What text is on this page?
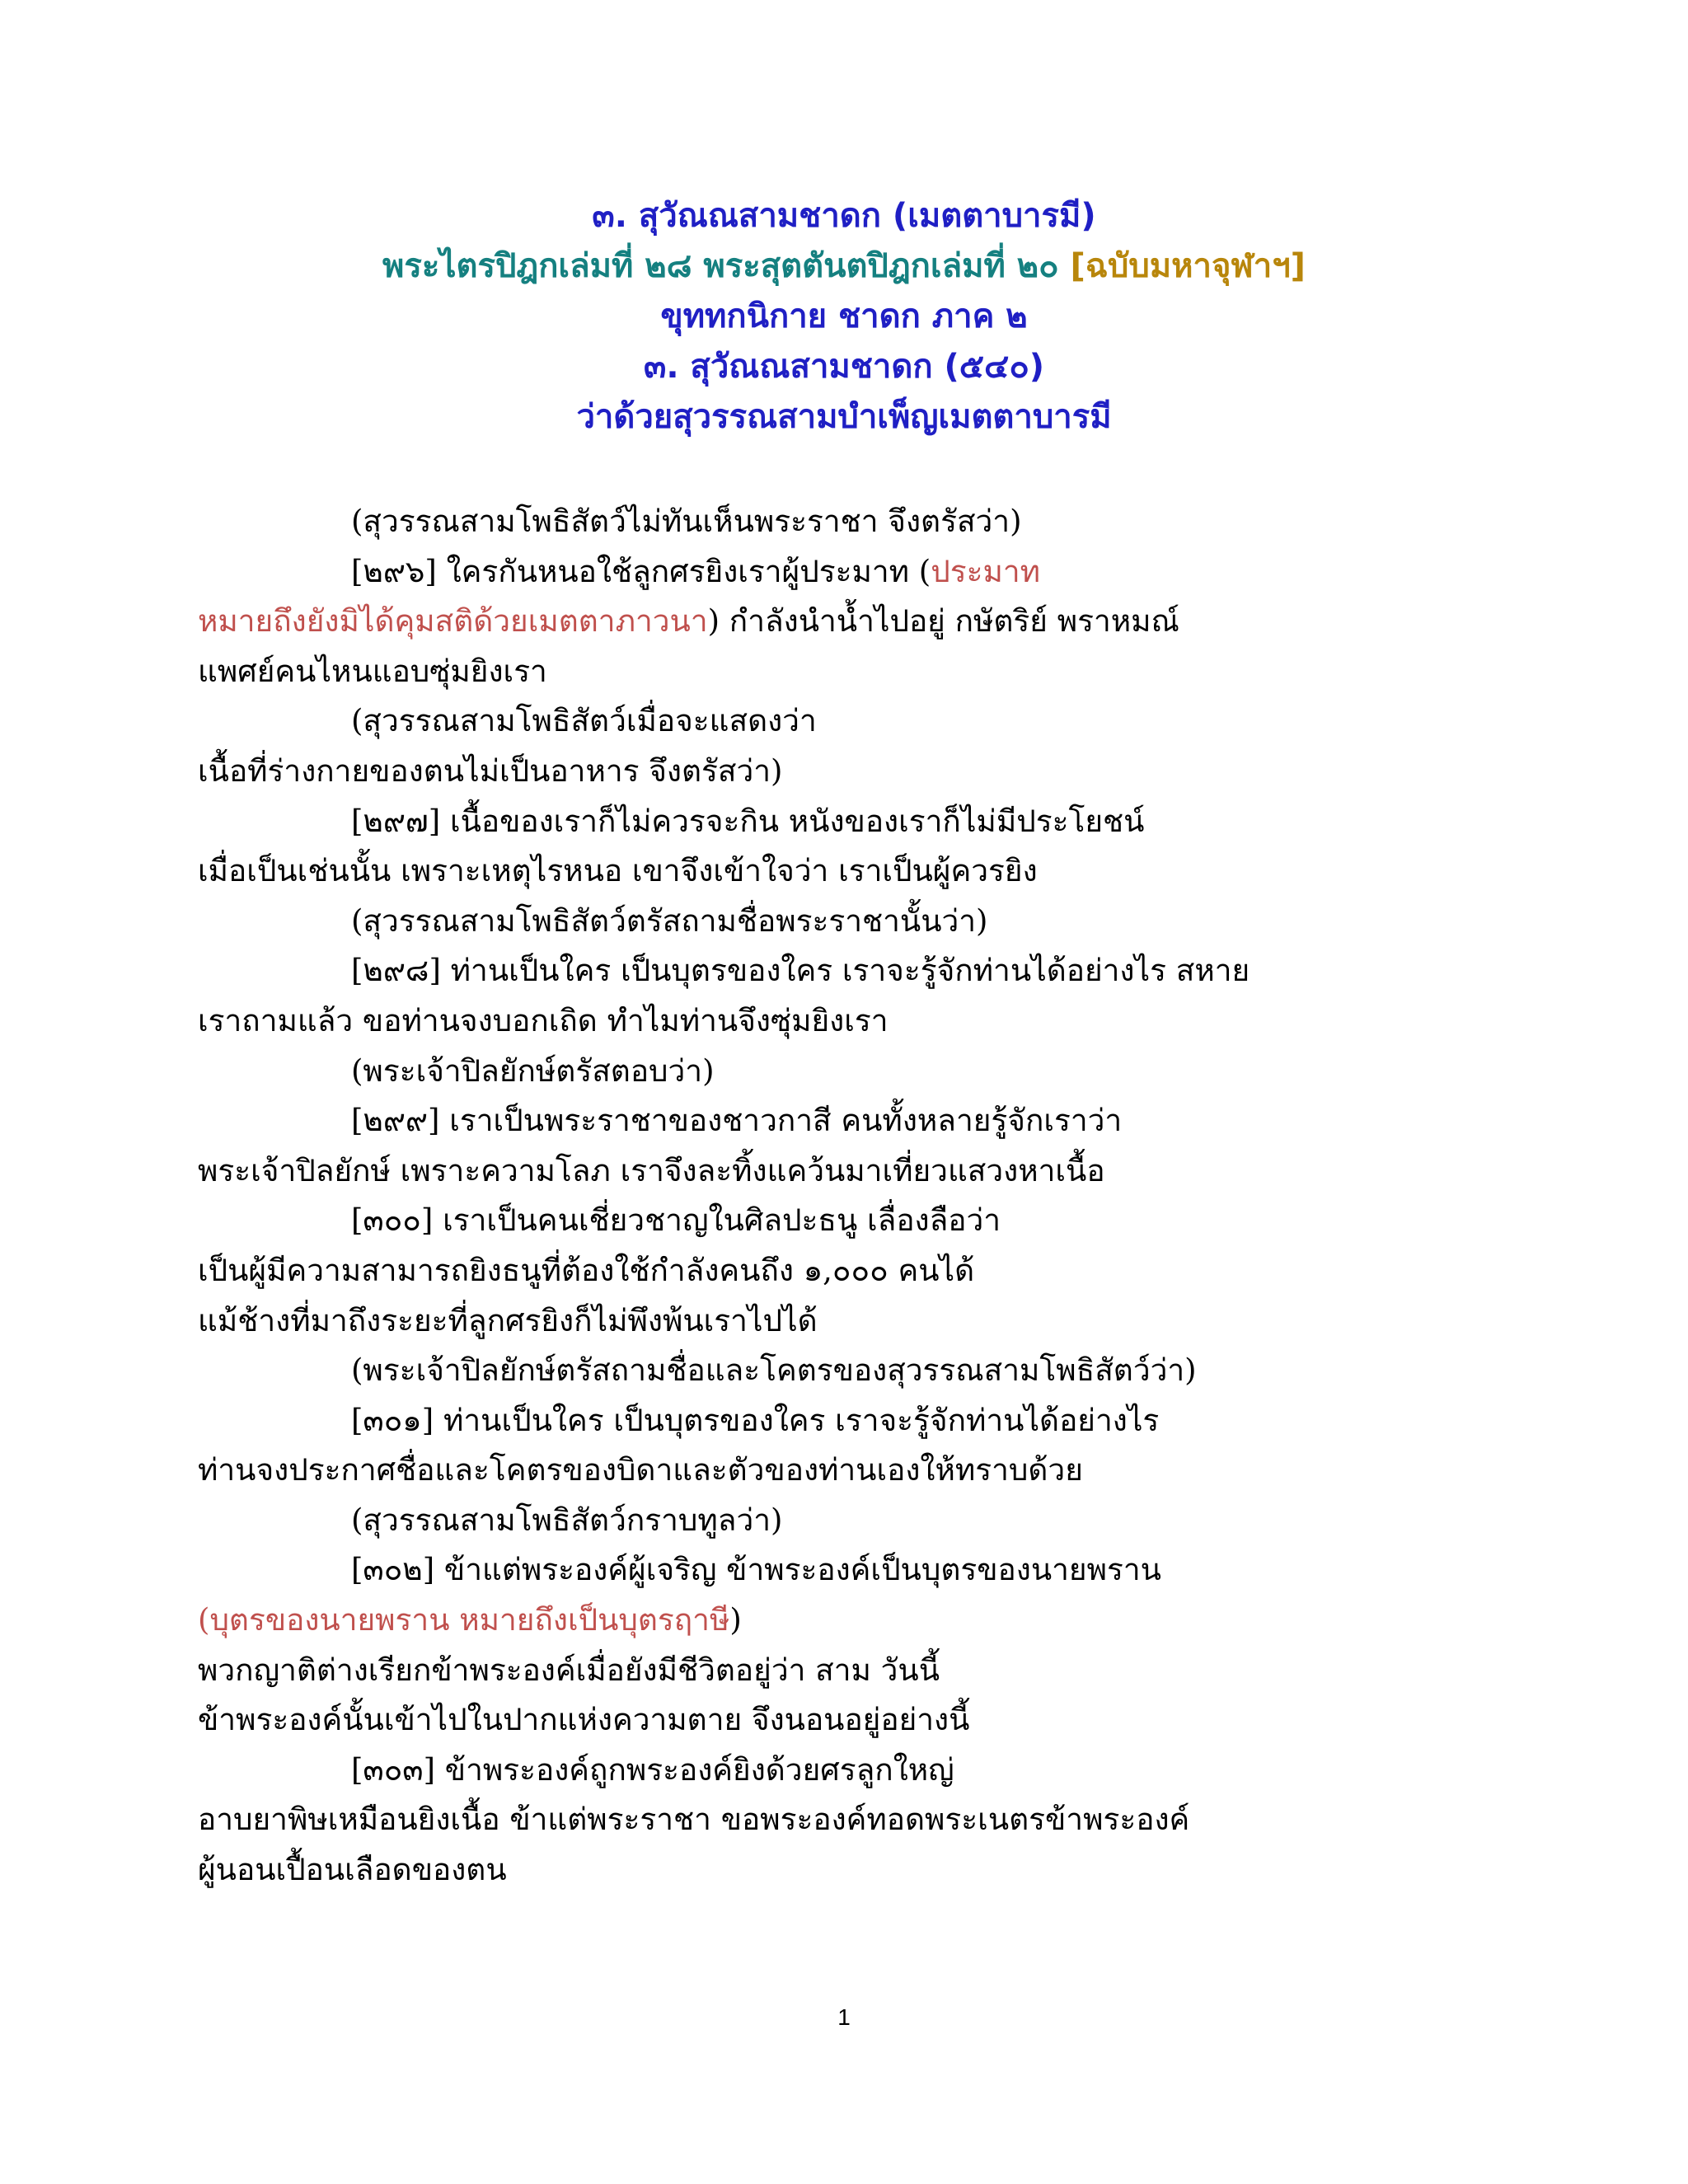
๓. สุวัณณสามชาดก (เมตตาบารมี)
พระไตรปิฎกเล่มที่ ๒๘ พระสุตตันตปิฎกเล่มที่ ๒๐ [ฉบับมหาจุฬาฯ]
ขุททกนิกาย ชาดก ภาค ๒
๓. สุวัณณสามชาดก (๕๔๐)
ว่าด้วยสุวรรณสามบำเพ็ญเมตตาบารมี
(สุวรรณสามโพธิสัตว์ไม่ทันเห็นพระราชา จึงตรัสว่า)
[๒๙๖] ใครกันหนอใช้ลูกศรยิงเราผู้ประมาท (ประมาท
หมายถึงยังมิได้คุมสติด้วยเมตตาภาวนา) กำลังนำน้ำไปอยู่ กษัตริย์ พราหมณ์
แพศย์คนไหนแอบซุ่มยิงเรา
(สุวรรณสามโพธิสัตว์เมื่อจะแสดงว่า
เนื้อที่ร่างกายของตนไม่เป็นอาหาร จึงตรัสว่า)
[๒๙๗] เนื้อของเราก็ไม่ควรจะกิน หนังของเราก็ไม่มีประโยชน์
เมื่อเป็นเช่นนั้น เพราะเหตุไรหนอ เขาจึงเข้าใจว่า เราเป็นผู้ควรยิง
(สุวรรณสามโพธิสัตว์ตรัสถามชื่อพระราชานั้นว่า)
[๒๙๘] ท่านเป็นใคร เป็นบุตรของใคร เราจะรู้จักท่านได้อย่างไร สหาย
เราถามแล้ว ขอท่านจงบอกเถิด ทำไมท่านจึงซุ่มยิงเรา
(พระเจ้าปิลยักษ์ตรัสตอบว่า)
[๒๙๙] เราเป็นพระราชาของชาวกาสี คนทั้งหลายรู้จักเราว่า
พระเจ้าปิลยักษ์ เพราะความโลภ เราจึงละทิ้งแคว้นมาเที่ยวแสวงหาเนื้อ
[๓๐๐] เราเป็นคนเชี่ยวชาญในศิลปะธนู เลื่องลือว่า
เป็นผู้มีความสามารถยิงธนูที่ต้องใช้กำลังคนถึง ๑,๐๐๐ คนได้
แม้ช้างที่มาถึงระยะที่ลูกศรยิงก็ไม่พึงพ้นเราไปได้
(พระเจ้าปิลยักษ์ตรัสถามชื่อและโคตรของสุวรรณสามโพธิสัตว์ว่า)
[๓๐๑] ท่านเป็นใคร เป็นบุตรของใคร เราจะรู้จักท่านได้อย่างไร
ท่านจงประกาศชื่อและโคตรของบิดาและตัวของท่านเองให้ทราบด้วย
(สุวรรณสามโพธิสัตว์กราบทูลว่า)
[๓๐๒] ข้าแต่พระองค์ผู้เจริญ ข้าพระองค์เป็นบุตรของนายพราน
(บุตรของนายพราน หมายถึงเป็นบุตรฤาษี)
พวกญาติต่างเรียกข้าพระองค์เมื่อยังมีชีวิตอยู่ว่า สาม วันนี้
ข้าพระองค์นั้นเข้าไปในปากแห่งความตาย จึงนอนอยู่อย่างนี้
[๓๐๓] ข้าพระองค์ถูกพระองค์ยิงด้วยศรลูกใหญ่
อาบยาพิษเหมือนยิงเนื้อ ข้าแต่พระราชา ขอพระองค์ทอดพระเนตรข้าพระองค์
ผู้นอนเปื้อนเลือดของตน
1
